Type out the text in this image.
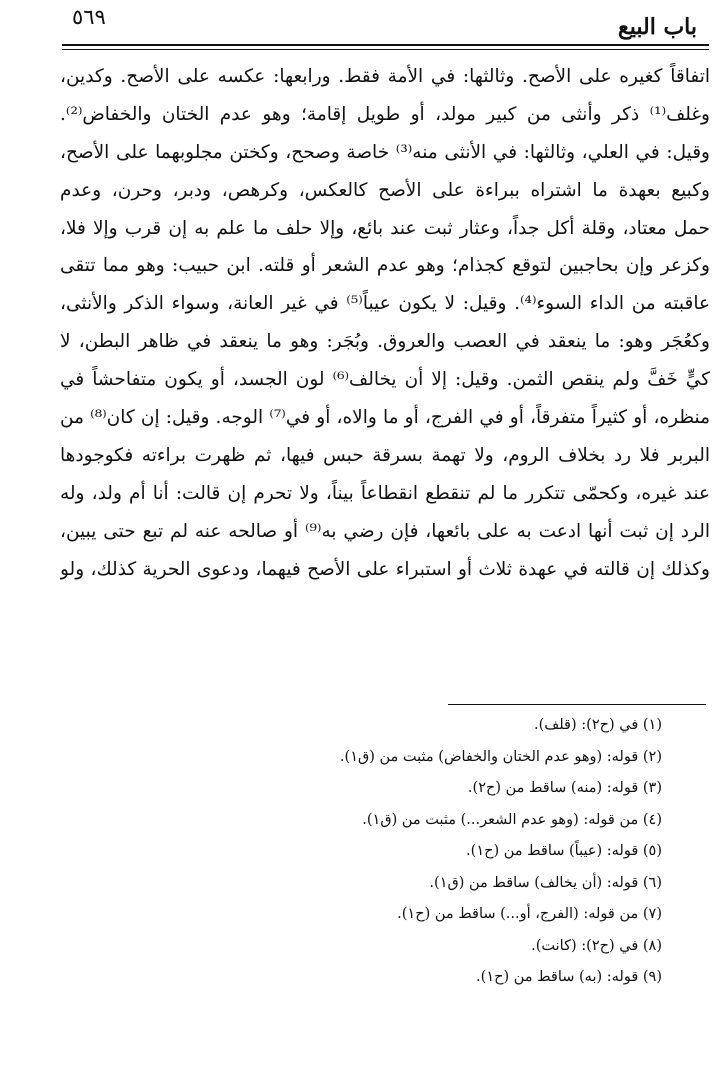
٥٦٩	باب البيع
اتفاقاً كغيره على الأصح. وثالثها: في الأمة فقط. ورابعها: عكسه على الأصح. وكدين،
وغلف⁽¹⁾ ذكر وأنثى من كبير مولد، أو طويل إقامة؛ وهو عدم الختان والخفاض⁽²⁾.
وقيل: في العلي، وثالثها: في الأنثى منه⁽³⁾ خاصة وصحح، وكختن مجلوبهما على الأصح،
وكبيع بعهدة ما اشتراه ببراءة على الأصح كالعكس، وكرهص، ودبر، وحرن، وعدم
حمل معتاد، وقلة أكل جداً، وعثار ثبت عند بائع، وإلا حلف ما علم به إن قرب وإلا فلا،
وكزعر وإن بحاجبين لتوقع كجذام؛ وهو عدم الشعر أو قلته. ابن حبيب: وهو مما تتقى
عاقبته من الداء السوء⁽⁴⁾. وقيل: لا يكون عيباً⁽⁵⁾ في غير العانة، وسواء الذكر والأنثى،
وكعُجَر وهو: ما ينعقد في العصب والعروق. وبُجَر: وهو ما ينعقد في ظاهر البطن، لا
كيٍّ خَفَّ ولم ينقص الثمن. وقيل: إلا أن يخالف⁽⁶⁾ لون الجسد، أو يكون متفاحشاً في
منظره، أو كثيراً متفرقاً، أو في الفرج، أو ما والاه، أو في⁽⁷⁾ الوجه. وقيل: إن كان⁽⁸⁾ من
البربر فلا رد بخلاف الروم، ولا تهمة بسرقة حبس فيها، ثم ظهرت براءته فكوجودها
عند غيره، وكحمّى تتكرر ما لم تنقطع انقطاعاً بيناً، ولا تحرم إن قالت: أنا أم ولد، وله
الرد إن ثبت أنها ادعت به على بائعها، فإن رضي به⁽⁹⁾ أو صالحه عنه لم تبع حتى يبين،
وكذلك إن قالته في عهدة ثلاث أو استبراء على الأصح فيهما، ودعوى الحرية كذلك، ولو
(١) في (ح٢): (قلف).
(٢) قوله: (وهو عدم الختان والخفاض) مثبت من (ق١).
(٣) قوله: (منه) ساقط من (ح٢).
(٤) من قوله: (وهو عدم الشعر...) مثبت من (ق١).
(٥) قوله: (عيباً) ساقط من (ح١).
(٦) قوله: (أن يخالف) ساقط من (ق١).
(٧) من قوله: (الفرج، أو...) ساقط من (ح١).
(٨) في (ح٢): (كانت).
(٩) قوله: (به) ساقط من (ح١).
